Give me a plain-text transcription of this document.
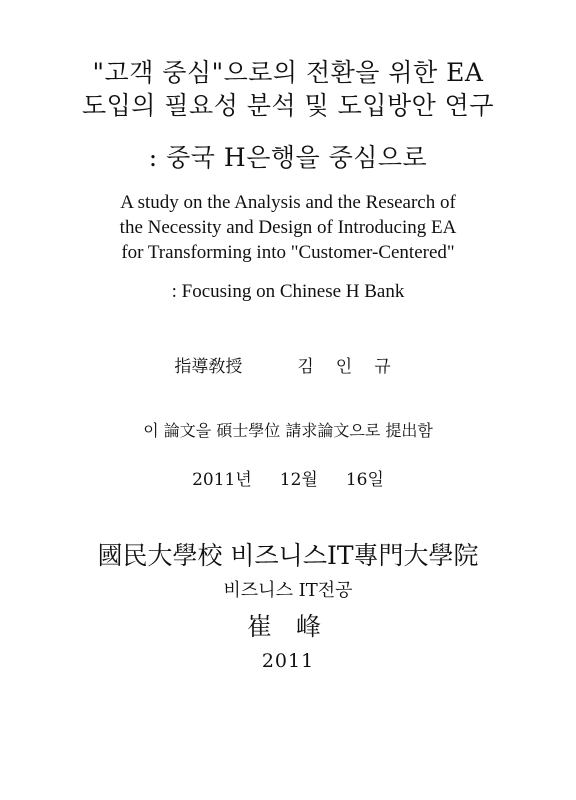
"고객 중심"으로의 전환을 위한 EA
도입의 필요성 분석 및 도입방안 연구
: 중국 H은행을 중심으로
A study on the Analysis and the Research of
the Necessity and Design of Introducing EA
for Transforming into "Customer-Centered"
: Focusing on Chinese H Bank
指導敎授	김 인 규
이 論文을 碩士學位 請求論文으로 提出함
2011년 12월 16일
國民大學校 비즈니스IT專門大學院
비즈니스 IT전공
崔 峰
2011
